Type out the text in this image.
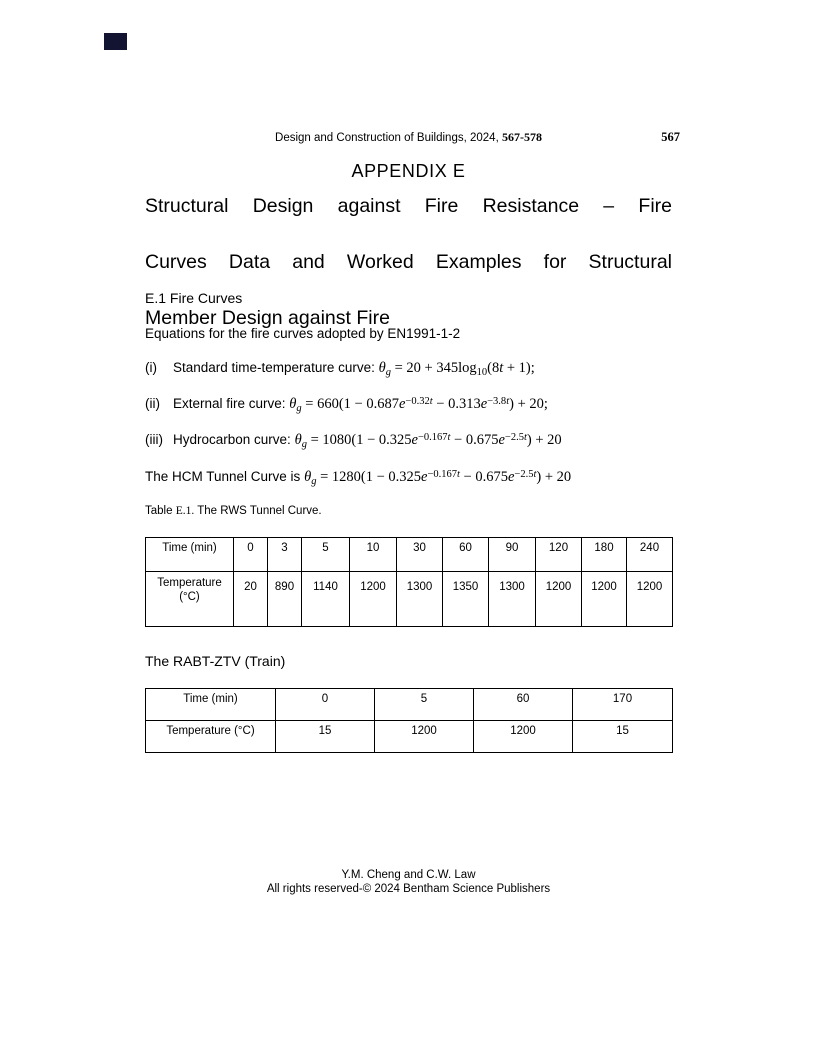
Design and Construction of Buildings, 2024, 567-578	567
APPENDIX E
Structural Design against Fire Resistance – Fire
Curves Data and Worked Examples for Structural
Member Design against Fire
E.1 Fire Curves
Equations for the fire curves adopted by EN1991-1-2
(i)	Standard time-temperature curve: $\theta_g = 20 + 345\log_{10}(8t + 1)$;
(ii) External fire curve: $\theta_g = 660(1 - 0.687e^{-0.32t} - 0.313e^{-3.8t}) + 20$;
(iii) Hydrocarbon curve: $\theta_g = 1080(1 - 0.325e^{-0.167t} - 0.675e^{-2.5t}) + 20$
The HCM Tunnel Curve is $\theta_g = 1280(1 - 0.325e^{-0.167t} - 0.675e^{-2.5t}) + 20$
Table E.1. The RWS Tunnel Curve.
Time (min)	0	3	5	10	30	60	90	120	180	240

Temperature
(°C)	20	890	1140	1200	1300	1350	1300	1200	1200	1200
The RABT-ZTV (Train)
Time (min)	0	5	60	170
Temperature (°C)	15	1200	1200	15
Y.M. Cheng and C.W. Law
All rights reserved-© 2024 Bentham Science Publishers
